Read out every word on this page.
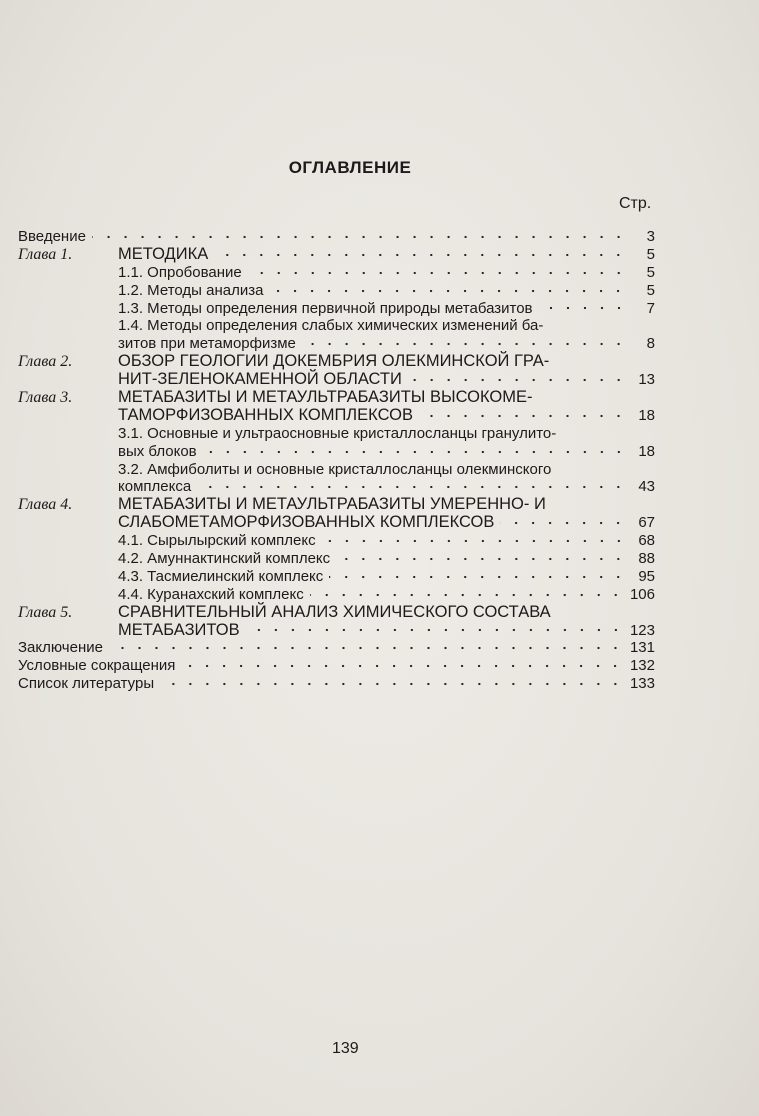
ОГЛАВЛЕНИЕ
Стр.
Введение	3
Глава 1.	МЕТОДИКА	5
1.1. Опробование	5
1.2. Методы анализа	5
1.3. Методы определения первичной природы метабазитов	7
1.4. Методы определения слабых химических изменений ба-
зитов при метаморфизме	8
Глава 2.	ОБЗОР ГЕОЛОГИИ ДОКЕМБРИЯ ОЛЕКМИНСКОЙ ГРА-
НИТ-ЗЕЛЕНОКАМЕННОЙ ОБЛАСТИ	13
Глава 3.	МЕТАБАЗИТЫ И МЕТАУЛЬТРАБАЗИТЫ ВЫСОКОМЕ-
ТАМОРФИЗОВАННЫХ КОМПЛЕКСОВ	18
3.1. Основные и ультраосновные кристаллосланцы гранулито-
вых блоков	18
3.2. Амфиболиты и основные кристаллосланцы олекминского
комплекса	43
Глава 4.	МЕТАБАЗИТЫ И МЕТАУЛЬТРАБАЗИТЫ УМЕРЕННО- И
СЛАБОМЕТАМОРФИЗОВАННЫХ КОМПЛЕКСОВ	67
4.1. Сырылырский комплекс	68
4.2. Амуннактинский комплекс	88
4.3. Тасмиелинский комплекс	95
4.4. Куранахский комплекс	106
Глава 5.	СРАВНИТЕЛЬНЫЙ АНАЛИЗ ХИМИЧЕСКОГО СОСТАВА
МЕТАБАЗИТОВ	123
Заключение	131
Условные сокращения	132
Список литературы	133
139
